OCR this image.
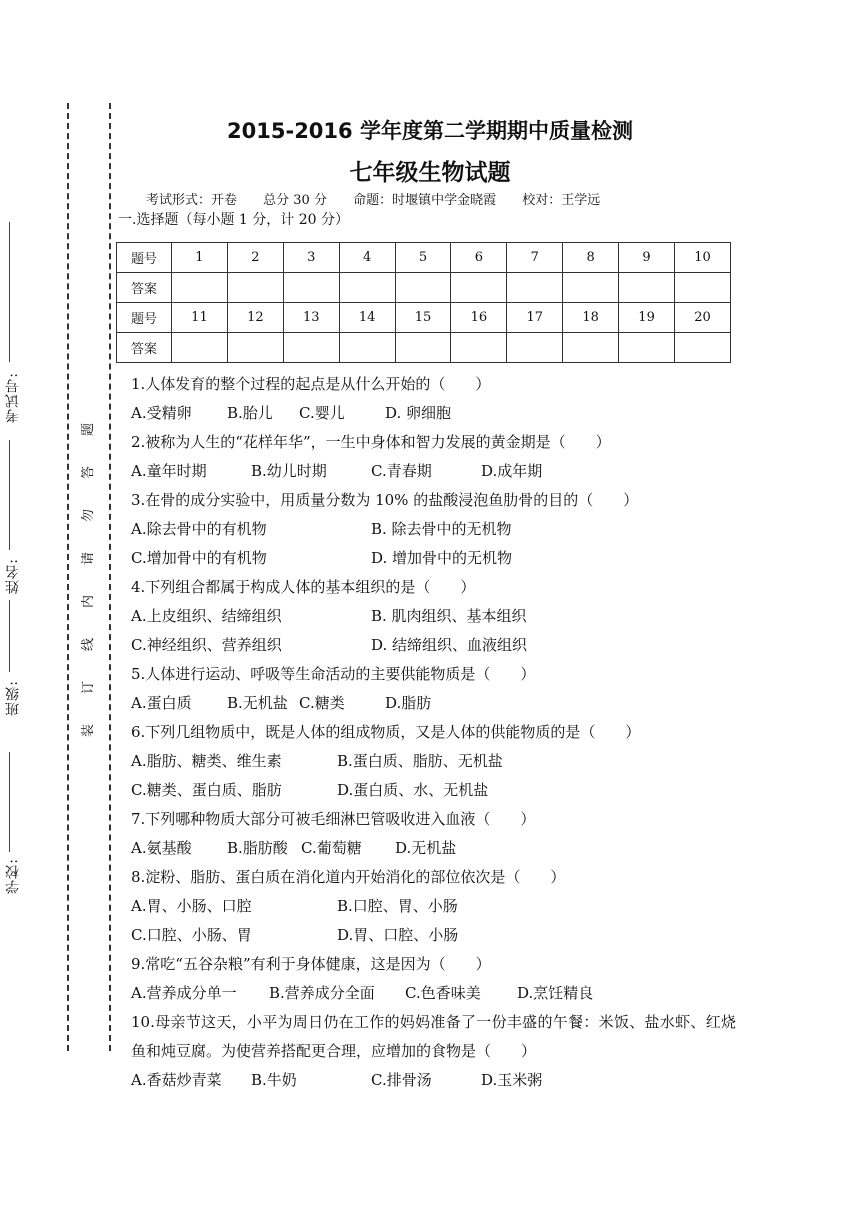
考试号:
姓名:
班级:
学校:
装
订
线
内
请
勿
答
题
2015-2016 学年度第二学期期中质量检测
七年级生物试题
考试形式：开卷 总分 30 分 命题：时堰镇中学金晓霞 校对：王学远
一.选择题（每小题 1 分，计 20 分）
题号	1	2	3	4	5	6	7	8	9	10
答案										
题号	11	12	13	14	15	16	17	18	19	20
答案										
1.人体发育的整个过程的起点是从什么开始的（　　）
A.受精卵 B.胎儿 C.婴儿	D. 卵细胞
2.被称为人生的“花样年华”，一生中身体和智力发展的黄金期是（　　）
A.童年时期	B.幼儿时期	C.青春期	D.成年期
3.在骨的成分实验中，用质量分数为 10% 的盐酸浸泡鱼肋骨的目的（　　）
A.除去骨中的有机物	B. 除去骨中的无机物
C.增加骨中的有机物	D. 增加骨中的无机物
4.下列组合都属于构成人体的基本组织的是（　　）
A.上皮组织、结缔组织	B. 肌肉组织、基本组织
C.神经组织、营养组织	D. 结缔组织、血液组织
5.人体进行运动、呼吸等生命活动的主要供能物质是（　　）
A.蛋白质 B.无机盐 C.糖类	D.脂肪
6.下列几组物质中，既是人体的组成物质，又是人体的供能物质的是（　　）
A.脂肪、糖类、维生素	B.蛋白质、脂肪、无机盐
C.糖类、蛋白质、脂肪	D.蛋白质、水、无机盐
7.下列哪种物质大部分可被毛细淋巴管吸收进入血液（　　）
A.氨基酸 B.脂肪酸 C.葡萄糖 D.无机盐
8.淀粉、脂肪、蛋白质在消化道内开始消化的部位依次是（　　）
A.胃、小肠、口腔	B.口腔、胃、小肠
C.口腔、小肠、胃	D.胃、口腔、小肠
9.常吃“五谷杂粮”有利于身体健康，这是因为（　　）
A.营养成分单一 B.营养成分全面 C.色香味美 D.烹饪精良
10.母亲节这天，小平为周日仍在工作的妈妈准备了一份丰盛的午餐：米饭、盐水虾、红烧鱼和炖豆腐。为使营养搭配更合理，应增加的食物是（　　）
A.香菇炒青菜 B.牛奶	C.排骨汤	D.玉米粥
